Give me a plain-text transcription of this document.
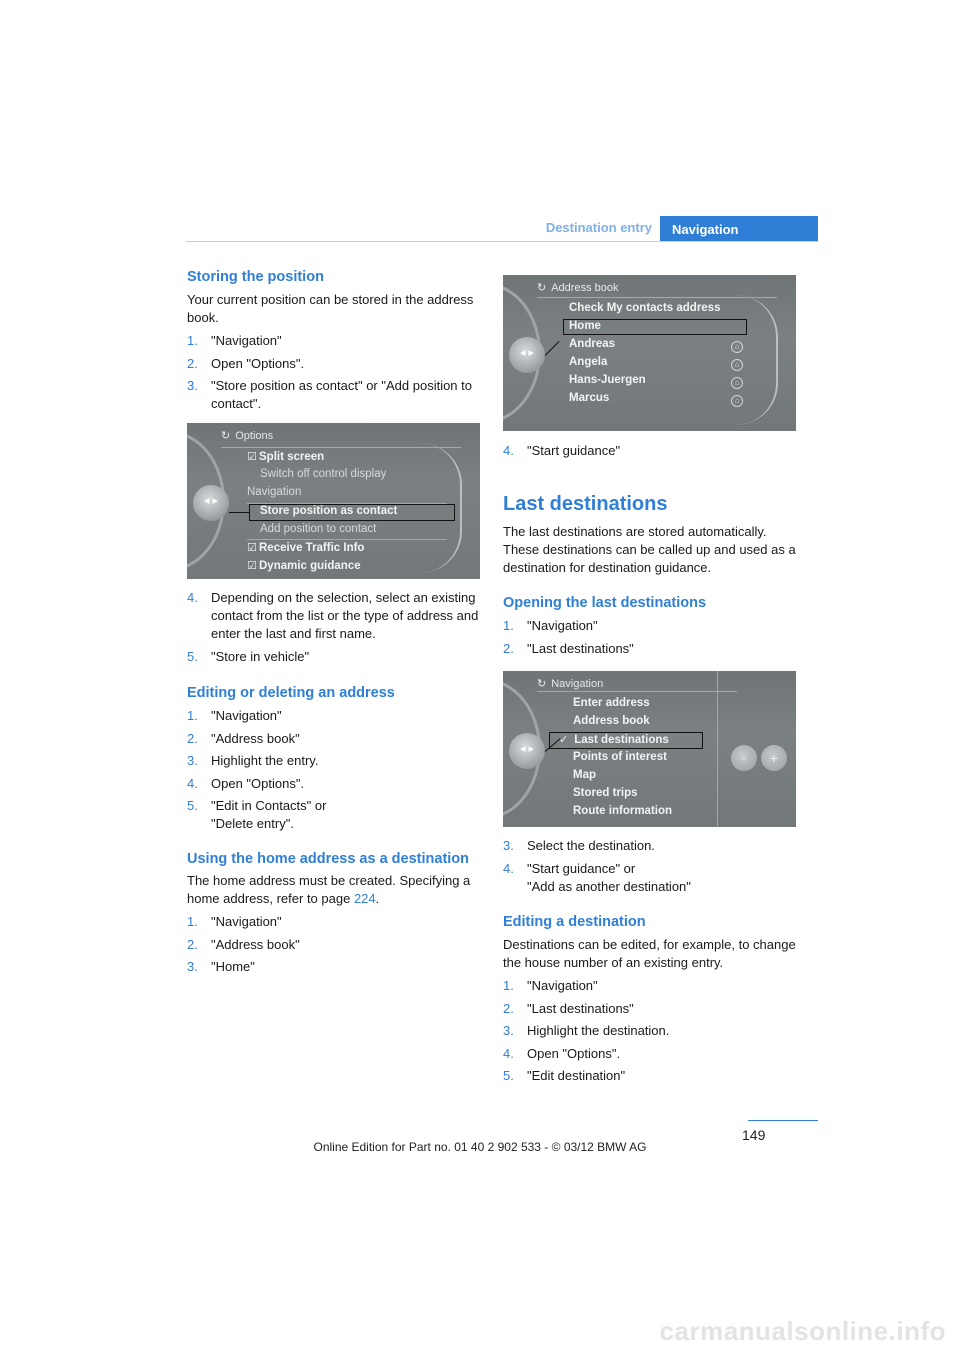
Destination entry	Navigation
Storing the position

Your current position can be stored in the address book.

1. "Navigation"
2. Open "Options".
3. "Store position as contact" or "Add position to contact".
◂ ▸
↻ Options
☑ Split screen
Switch off control display
Navigation
Store position as contact
Add position to contact
☑ Receive Traffic Info
☑ Dynamic guidance
4. Depending on the selection, select an existing contact from the list or the type of address and enter the last and first name.
5. "Store in vehicle"
Editing or deleting an address
1. "Navigation"
2. "Address book"
3. Highlight the entry.
4. Open "Options".
5. "Edit in Contacts" or
"Delete entry".
Using the home address as a destination

The home address must be created. Specifying a home address, refer to page 224.

1. "Navigation"
2. "Address book"
3. "Home"
◂ ▸
↻ Address book
Check My contacts address
Home
Andreas
Angela
Hans-Juergen
Marcus
⌂
⌂
⌂
⌂
4. "Start guidance"
Last destinations

The last destinations are stored automatically. These destinations can be called up and used as a destination for destination guidance.

Opening the last destinations
1. "Navigation"
2. "Last destinations"
◂ ▸
↻ Navigation
Enter address
Address book
✓ Last destinations
Points of interest
Map
Stored trips
Route information
◦	+
3. Select the destination.
4. "Start guidance" or
"Add as another destination"
Editing a destination

Destinations can be edited, for example, to change the house number of an existing entry.

1. "Navigation"
2. "Last destinations"
3. Highlight the destination.
4. Open "Options".
5. "Edit destination"
149
Online Edition for Part no. 01 40 2 902 533 - © 03/12 BMW AG
carmanualsonline.info
